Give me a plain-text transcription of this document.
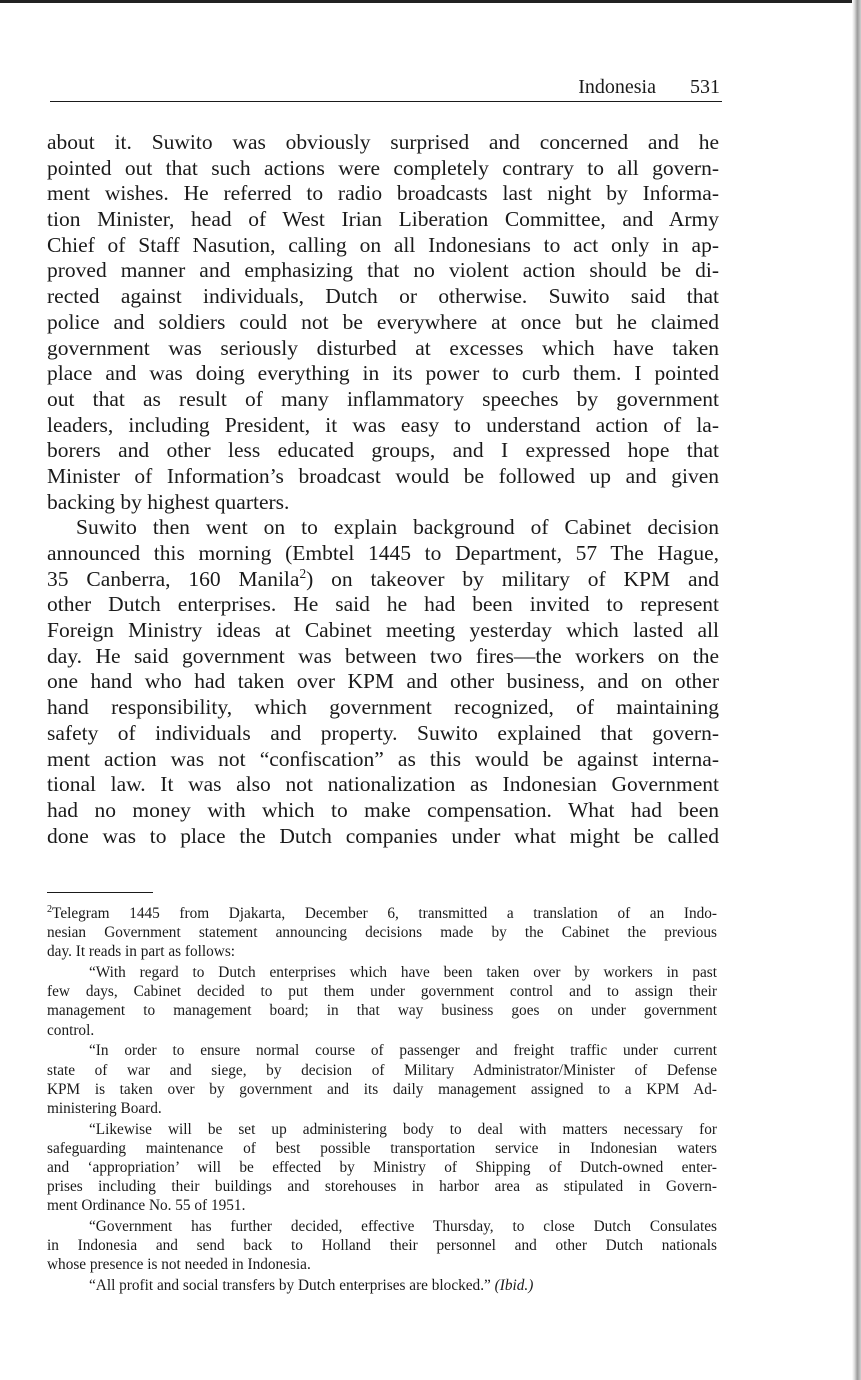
Indonesia 531
about it. Suwito was obviously surprised and concerned and he
pointed out that such actions were completely contrary to all govern-
ment wishes. He referred to radio broadcasts last night by Informa-
tion Minister, head of West Irian Liberation Committee, and Army
Chief of Staff Nasution, calling on all Indonesians to act only in ap-
proved manner and emphasizing that no violent action should be di-
rected against individuals, Dutch or otherwise. Suwito said that
police and soldiers could not be everywhere at once but he claimed
government was seriously disturbed at excesses which have taken
place and was doing everything in its power to curb them. I pointed
out that as result of many inflammatory speeches by government
leaders, including President, it was easy to understand action of la-
borers and other less educated groups, and I expressed hope that
Minister of Information’s broadcast would be followed up and given
backing by highest quarters.
Suwito then went on to explain background of Cabinet decision
announced this morning (Embtel 1445 to Department, 57 The Hague,
35 Canberra, 160 Manila$^2$) on takeover by military of KPM and
other Dutch enterprises. He said he had been invited to represent
Foreign Ministry ideas at Cabinet meeting yesterday which lasted all
day. He said government was between two fires—the workers on the
one hand who had taken over KPM and other business, and on other
hand responsibility, which government recognized, of maintaining
safety of individuals and property. Suwito explained that govern-
ment action was not “confiscation” as this would be against interna-
tional law. It was also not nationalization as Indonesian Government
had no money with which to make compensation. What had been
done was to place the Dutch companies under what might be called
$^2$Telegram 1445 from Djakarta, December 6, transmitted a translation of an Indo-
nesian Government statement announcing decisions made by the Cabinet the previous
day. It reads in part as follows:
“With regard to Dutch enterprises which have been taken over by workers in past
few days, Cabinet decided to put them under government control and to assign their
management to management board; in that way business goes on under government
control.
“In order to ensure normal course of passenger and freight traffic under current
state of war and siege, by decision of Military Administrator/Minister of Defense
KPM is taken over by government and its daily management assigned to a KPM Ad-
ministering Board.
“Likewise will be set up administering body to deal with matters necessary for
safeguarding maintenance of best possible transportation service in Indonesian waters
and ‘appropriation’ will be effected by Ministry of Shipping of Dutch-owned enter-
prises including their buildings and storehouses in harbor area as stipulated in Govern-
ment Ordinance No. 55 of 1951.
“Government has further decided, effective Thursday, to close Dutch Consulates
in Indonesia and send back to Holland their personnel and other Dutch nationals
whose presence is not needed in Indonesia.
“All profit and social transfers by Dutch enterprises are blocked.” (Ibid.)
